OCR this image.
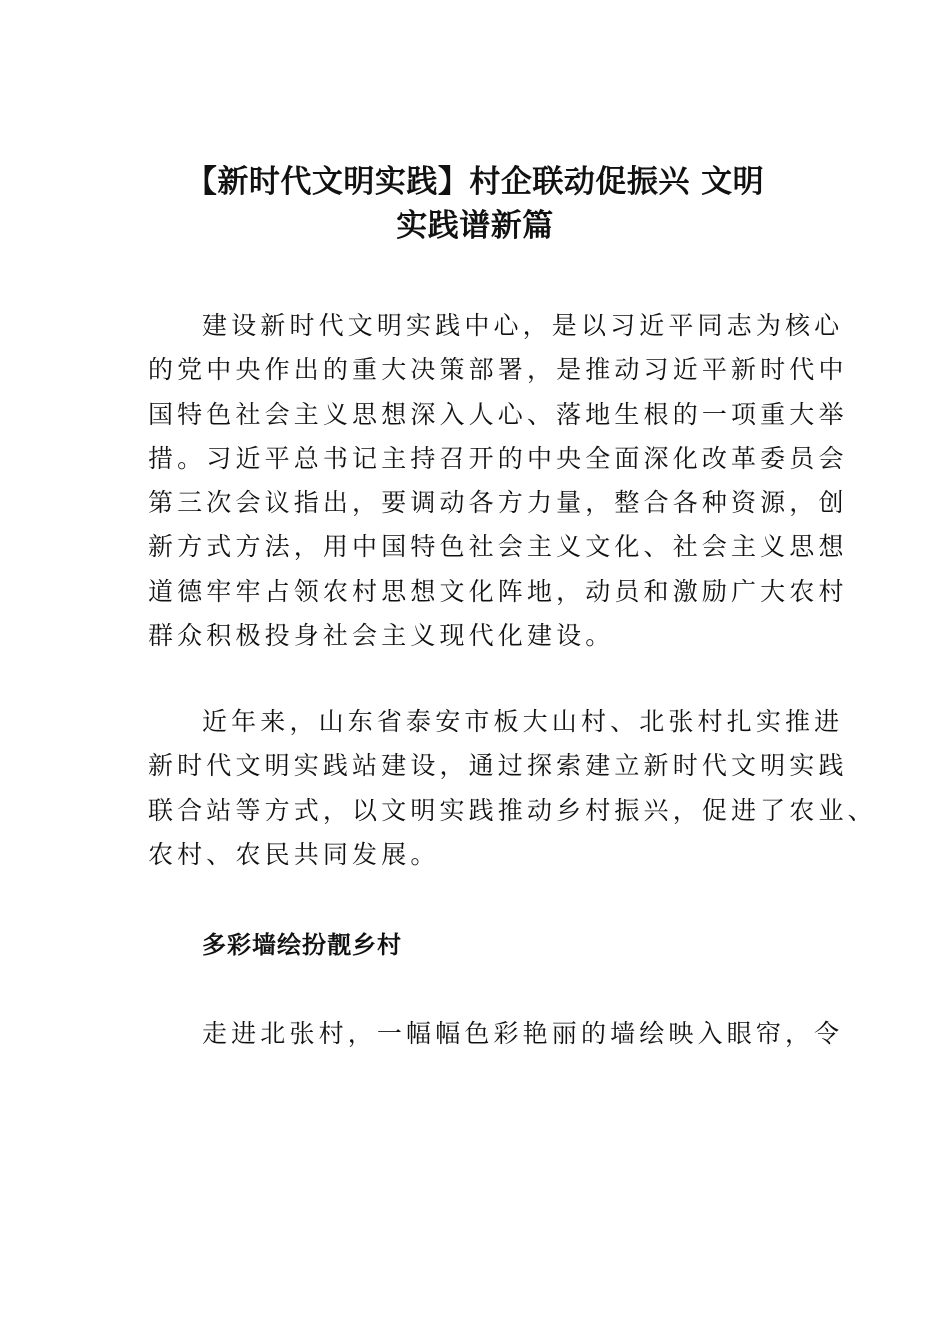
【新时代文明实践】村企联动促振兴 文明
实践谱新篇
建设新时代文明实践中心，是以习近平同志为核心
的党中央作出的重大决策部署，是推动习近平新时代中
国特色社会主义思想深入人心、落地生根的一项重大举
措。习近平总书记主持召开的中央全面深化改革委员会
第三次会议指出，要调动各方力量，整合各种资源，创
新方式方法，用中国特色社会主义文化、社会主义思想
道德牢牢占领农村思想文化阵地，动员和激励广大农村
群众积极投身社会主义现代化建设。
近年来，山东省泰安市板大山村、北张村扎实推进
新时代文明实践站建设，通过探索建立新时代文明实践
联合站等方式，以文明实践推动乡村振兴，促进了农业、
农村、农民共同发展。
多彩墙绘扮靓乡村
走进北张村，一幅幅色彩艳丽的墙绘映入眼帘，令
